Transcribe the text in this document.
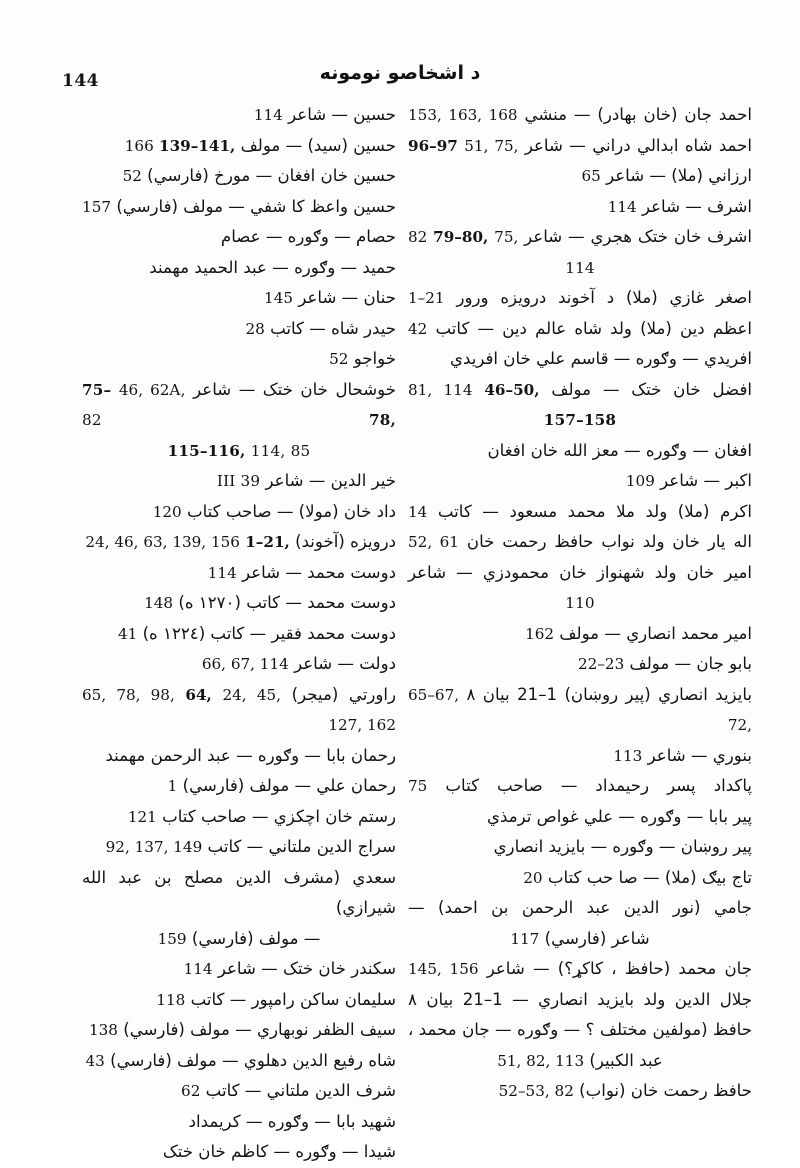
144	د اشخاصو نومونه

احمد جان (خان بهادر) — منشي 153, 163, 168

احمد شاه ابدالي دراني — شاعر 51, 75, 96–97

ارزاني (ملا) — شاعر 65

اشرف — شاعر 114

اشرف خان ختک هجري — شاعر 75, 79–80, 82

114

اصغر غازي (ملا) د آخوند درويزه ورور 1–21

اعظم دين (ملا) ولد شاه عالم دين — کاتب 42

افريدي — وګوره — قاسم علي خان افريدي

افضل خان ختک — مولف 46–50, 81, 114

157–158

افغان — وګوره — معز الله خان افغان

اکبر — شاعر 109

اکرم (ملا) ولد ملا محمد مسعود — کاتب 14

اله يار خان ولد نواب حافظ رحمت خان 52, 61

امير خان ولد شهنواز خان محمودزي — شاعر

110

امير محمد انصاري — مولف 162

بابو جان — مولف 22–23

بايزيد انصاري (پير روښان) 1–21 بيان ۸ 65–67, 72,

بنوري — شاعر 113

پاکداد پسر رحيمداد — صاحب کتاب 75

پير بابا — وګوره — علي غواص ترمذي

پير روښان — وګوره — بايزيد انصاري

تاج بيګ (ملا) — صا حب کتاب 20

جامي (نور الدين عبد الرحمن بن احمد) —

شاعر (فارسي) 117

جان محمد (حافظ ، کاکړ؟) — شاعر 145, 156

جلال الدين ولد بايزيد انصاري — 1–21 بيان ۸

حافظ (مولفين مختلف ؟ — وګوره — جان محمد ،

عبد الکبير) 51, 82, 113

حافظ رحمت خان (نواب) 52–53, 82

حسين — شاعر 114

حسين (سيد) — مولف 139–141, 166

حسين خان افغان — مورخ (فارسي) 52

حسين واعظ کا شفي — مولف (فارسي) 157

حصام — وګوره — عصام

حميد — وګوره — عبد الحميد مهمند

حنان — شاعر 145

حيدر شاه — کاتب 28

خواجو 52

خوشحال خان ختک — شاعر 46, 62A, 75–78, 82

115–116, 114, 85

خير الدين — شاعر III 39

داد خان (مولا) — صاحب کتاب 120

درويزه (آخوند) 1–21, 24, 46, 63, 139, 156

دوست محمد — شاعر 114

دوست محمد — کاتب (۱۲۷۰ ه) 148

دوست محمد فقير — کاتب (۱۲۲٤ ه) 41

دولت — شاعر 66, 67, 114

راورتي (ميجر) 24, 45, 64, 65, 78, 98, 127, 162

رحمان بابا — وګوره — عبد الرحمن مهمند

رحمان علي — مولف (فارسي) 1

رستم خان اچکزي — صاحب کتاب 121

سراج الدين ملتاني — کاتب 92, 137, 149

سعدي (مشرف الدين مصلح بن عبد الله شيرازي)

— مولف (فارسي) 159

سکندر خان ختک — شاعر 114

سليمان ساکن رامپور — کاتب 118

سيف الظفر نوبهاري — مولف (فارسي) 138

شاه رفيع الدين دهلوي — مولف (فارسي) 43

شرف الدين ملتاني — کاتب 62

شهيد بابا — وګوره — کريمداد

شيدا — وګوره — کاظم خان ختک
